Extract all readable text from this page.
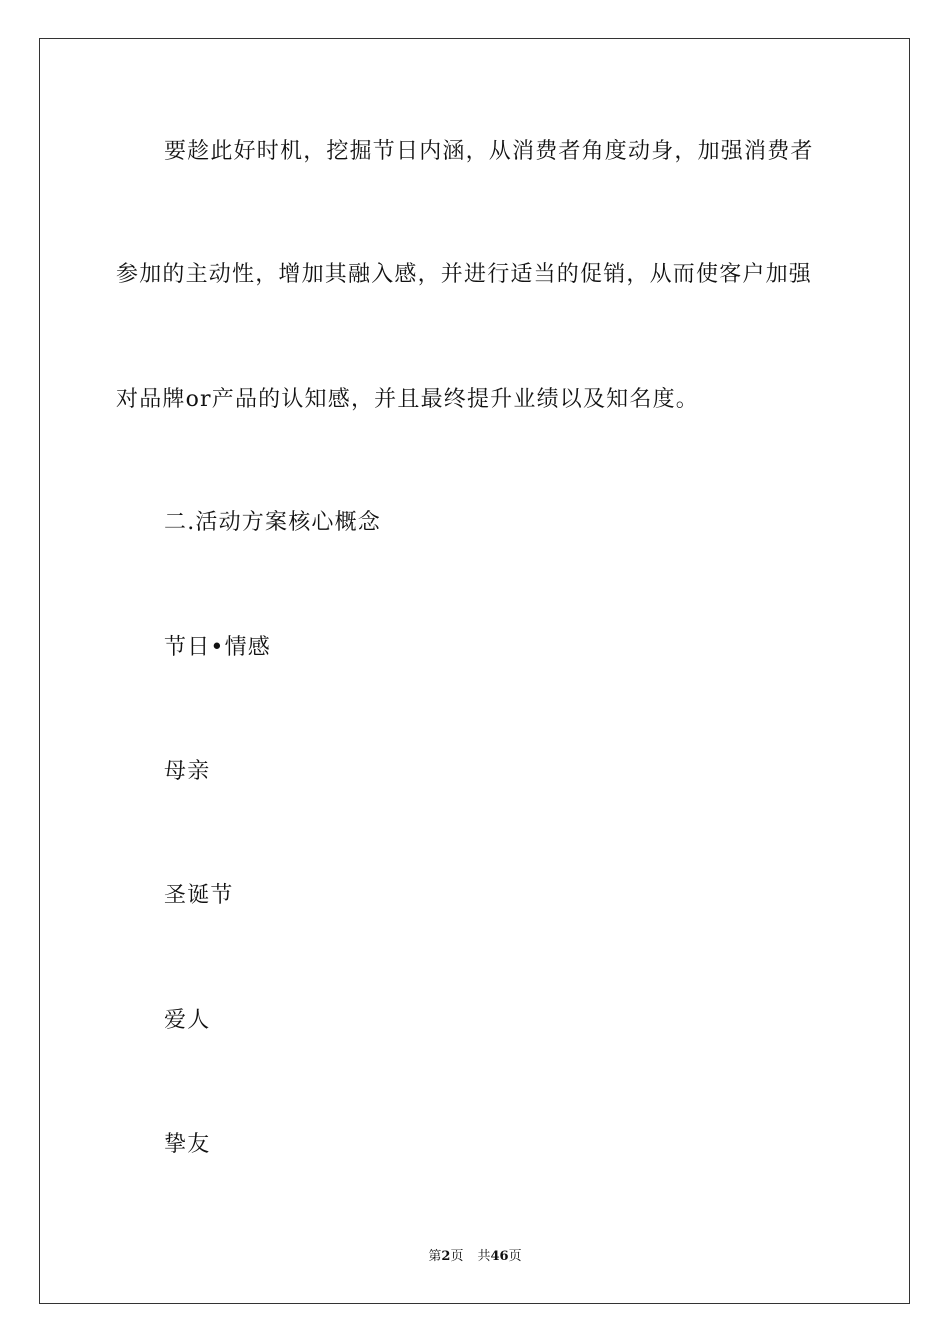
要趁此好时机，挖掘节日内涵，从消费者角度动身，加强消费者
参加的主动性，增加其融入感，并进行适当的促销，从而使客户加强
对品牌or产品的认知感，并且最终提升业绩以及知名度。
二.活动方案核心概念
节日•情感
母亲
圣诞节
爱人
挚友
第2页 共46页
